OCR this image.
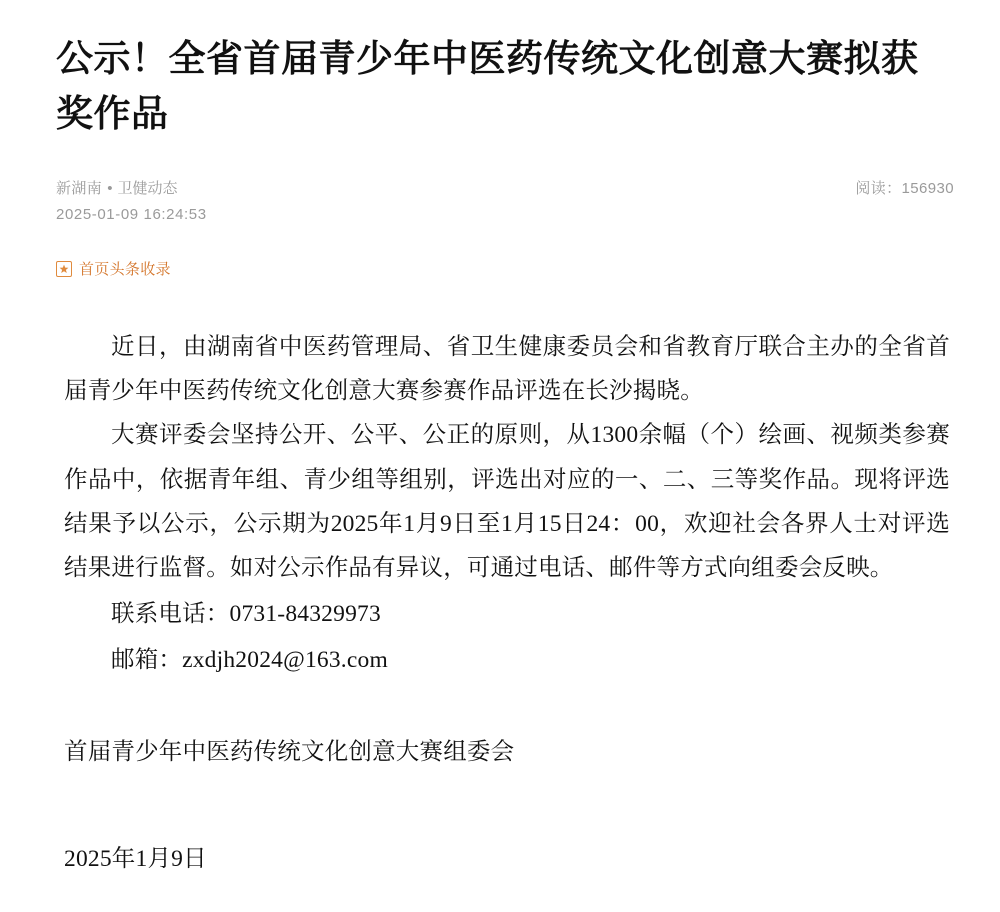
公示！全省首届青少年中医药传统文化创意大赛拟获奖作品
新湖南 • 卫健动态
2025-01-09 16:24:53
阅读：156930
首页头条收录

近日，由湖南省中医药管理局、省卫生健康委员会和省教育厅联合主办的全省首届青少年中医药传统文化创意大赛参赛作品评选在长沙揭晓。

大赛评委会坚持公开、公平、公正的原则，从1300余幅（个）绘画、视频类参赛作品中，依据青年组、青少组等组别，评选出对应的一、二、三等奖作品。现将评选结果予以公示，公示期为2025年1月9日至1月15日24：00，欢迎社会各界人士对评选结果进行监督。如对公示作品有异议，可通过电话、邮件等方式向组委会反映。

联系电话：0731-84329973

邮箱：zxdjh2024@163.com

首届青少年中医药传统文化创意大赛组委会

2025年1月9日
